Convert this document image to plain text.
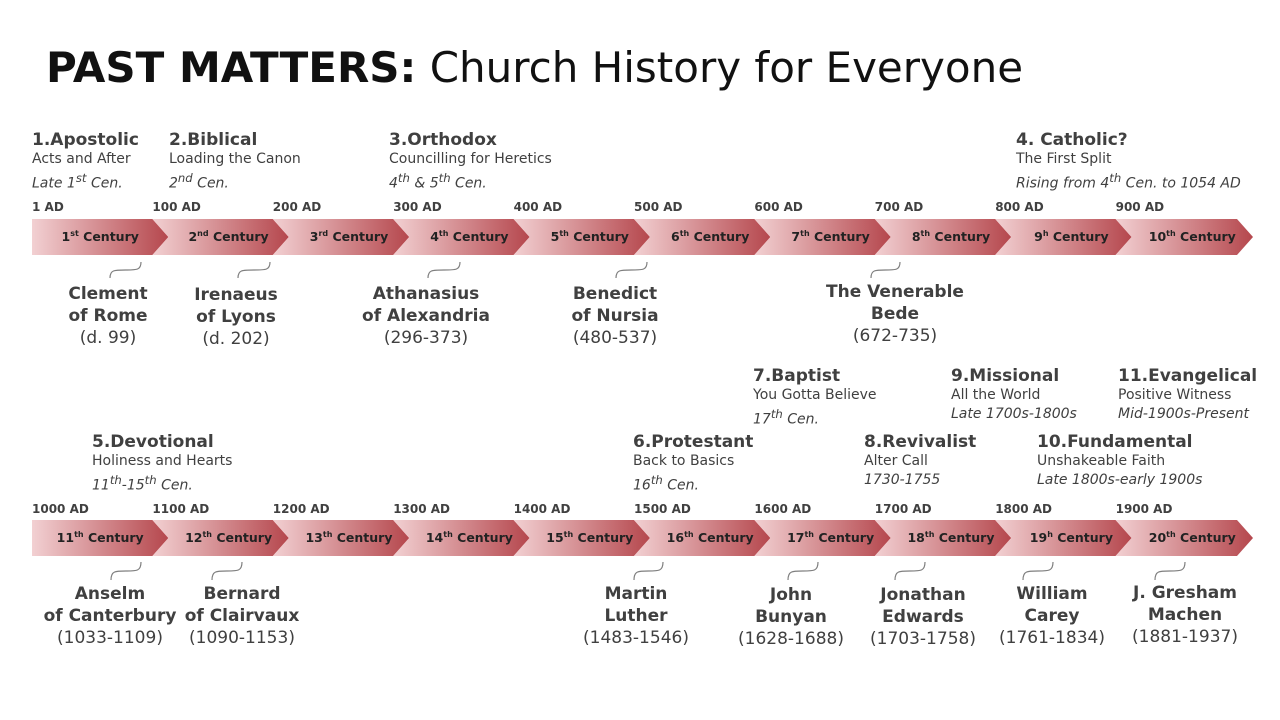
PAST MATTERS: Church History for Everyone
1.Apostolic
Acts and After
Late 1st Cen.
2.Biblical
Loading the Canon
2nd Cen.
3.Orthodox
Councilling for Heretics
4th & 5th Cen.
4. Catholic?
The First Split
Rising from 4th Cen. to 1054 AD
5.Devotional
Holiness and Hearts
11th-15th Cen.
6.Protestant
Back to Basics
16th Cen.
7.Baptist
You Gotta Believe
17th Cen.
8.Revivalist
Alter Call
1730-1755
9.Missional
All the World
Late 1700s-1800s
10.Fundamental
Unshakeable Faith
Late 1800s-early 1900s
11.Evangelical
Positive Witness
Mid-1900s-Present
1 AD	100 AD	200 AD	300 AD	400 AD	500 AD	600 AD	700 AD	800 AD	900 AD
1st Century	2nd Century	3rd Century	4th Century	5th Century	6th Century	7th Century	8th Century	9$^h$ Century	10th Century
1000 AD	1100 AD	1200 AD	1300 AD	1400 AD	1500 AD	1600 AD	1700 AD	1800 AD	1900 AD
11th Century	12th Century	13th Century	14th Century	15th Century	16th Century	17th Century	18th Century	19$^h$ Century	20th Century
Clement
of Rome
(d. 99)
Irenaeus
of Lyons
(d. 202)
Athanasius
of Alexandria
(296-373)
Benedict
of Nursia
(480-537)
The Venerable
Bede
(672-735)
Anselm
of Canterbury
(1033-1109)
Bernard
of Clairvaux
(1090-1153)
Martin
Luther
(1483-1546)
John
Bunyan
(1628-1688)
Jonathan
Edwards
(1703-1758)
William
Carey
(1761-1834)
J. Gresham
Machen
(1881-1937)
